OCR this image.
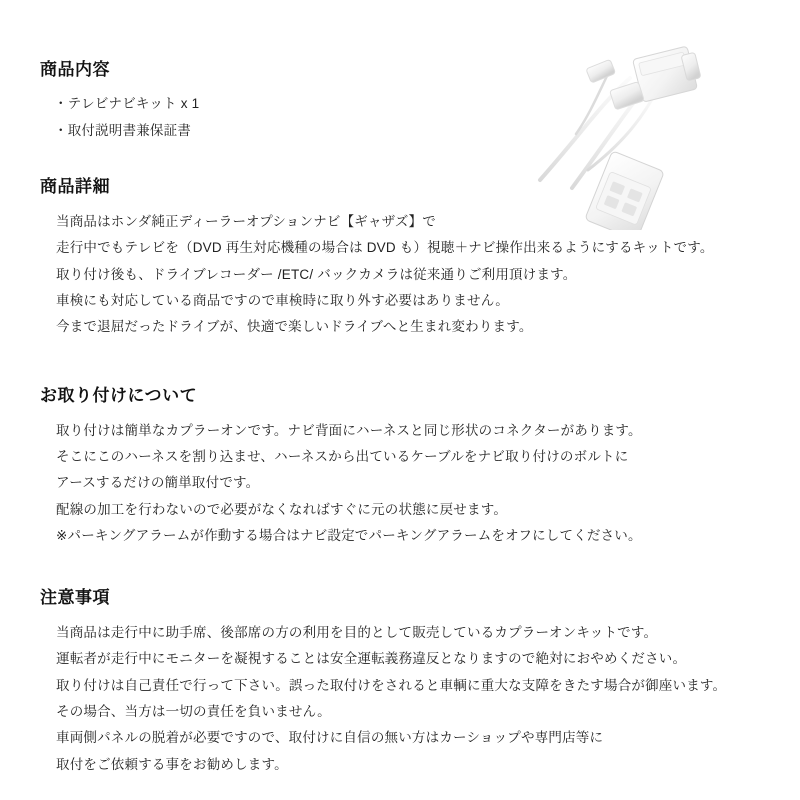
商品内容

・テレビナビキット x 1

・取付説明書兼保証書

商品詳細

当商品はホンダ純正ディーラーオプションナビ【ギャザズ】で

走行中でもテレビを（DVD 再生対応機種の場合は DVD も）視聴＋ナビ操作出来るようにするキットです。

取り付け後も、ドライブレコーダー /ETC/ バックカメラは従来通りご利用頂けます。

車検にも対応している商品ですので車検時に取り外す必要はありません。

今まで退屈だったドライブが、快適で楽しいドライブへと生まれ変わります。

お取り付けについて

取り付けは簡単なカプラーオンです。ナビ背面にハーネスと同じ形状のコネクターがあります。

そこにこのハーネスを割り込ませ、ハーネスから出ているケーブルをナビ取り付けのボルトに

アースするだけの簡単取付です。

配線の加工を行わないので必要がなくなればすぐに元の状態に戻せます。

※パーキングアラームが作動する場合はナビ設定でパーキングアラームをオフにしてください。

注意事項

当商品は走行中に助手席、後部席の方の利用を目的として販売しているカプラーオンキットです。

運転者が走行中にモニターを凝視することは安全運転義務違反となりますので絶対におやめください。

取り付けは自己責任で行って下さい。誤った取付けをされると車輌に重大な支障をきたす場合が御座います。

その場合、当方は一切の責任を負いません。

車両側パネルの脱着が必要ですので、取付けに自信の無い方はカーショップや専門店等に

取付をご依頼する事をお勧めします。
